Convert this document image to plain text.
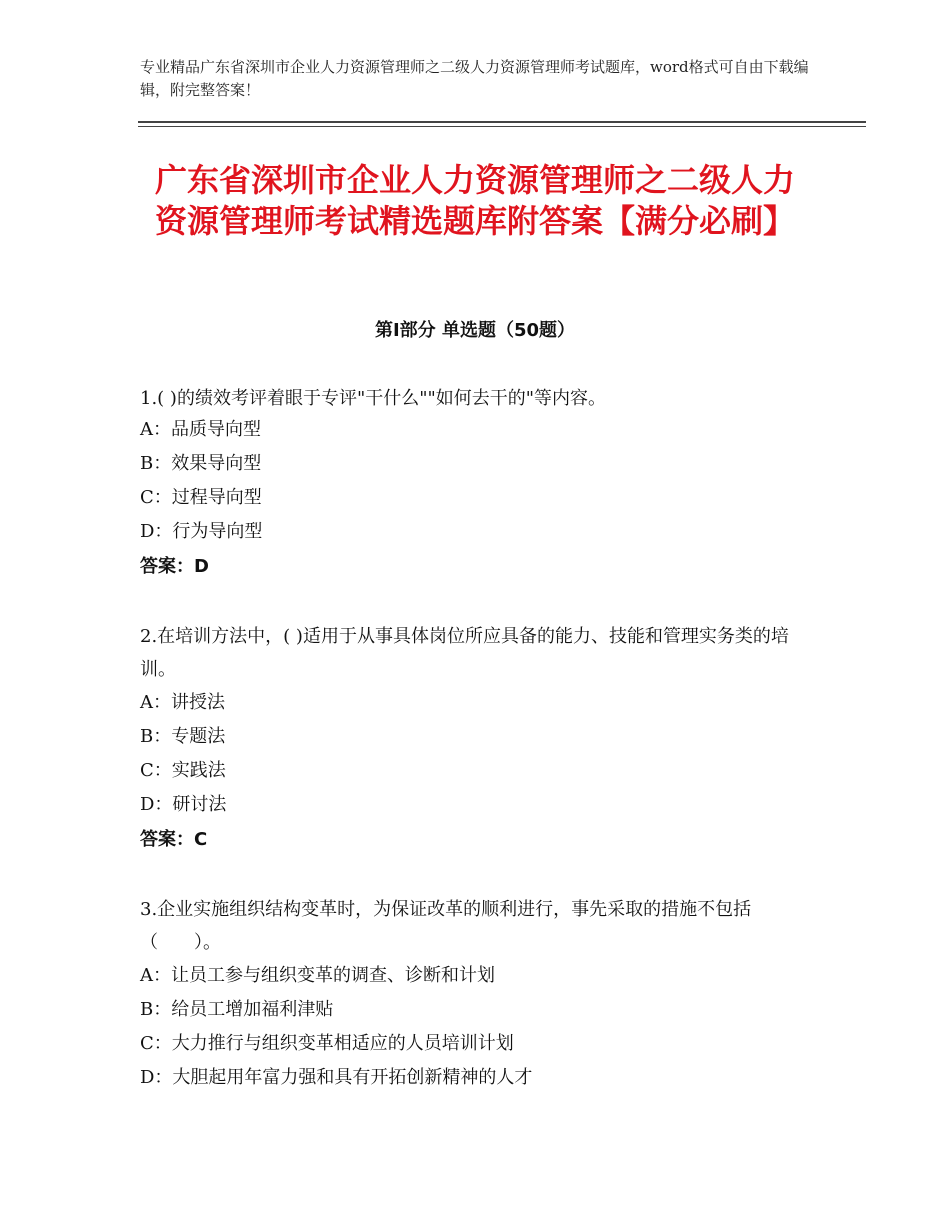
专业精品广东省深圳市企业人力资源管理师之二级人力资源管理师考试题库，word格式可自由下载编辑，附完整答案！
广东省深圳市企业人力资源管理师之二级人力资源管理师考试精选题库附答案【满分必刷】
第Ⅰ部分 单选题（50题）
1.( )的绩效考评着眼于专评"干什么""如何去干的"等内容。
A：品质导向型
B：效果导向型
C：过程导向型
D：行为导向型
答案：D
2.在培训方法中，( )适用于从事具体岗位所应具备的能力、技能和管理实务类的培训。
A：讲授法
B：专题法
C：实践法
D：研讨法
答案：C
3.企业实施组织结构变革时，为保证改革的顺利进行，事先采取的措施不包括（　　）。
A：让员工参与组织变革的调查、诊断和计划
B：给员工增加福利津贴
C：大力推行与组织变革相适应的人员培训计划
D：大胆起用年富力强和具有开拓创新精神的人才
